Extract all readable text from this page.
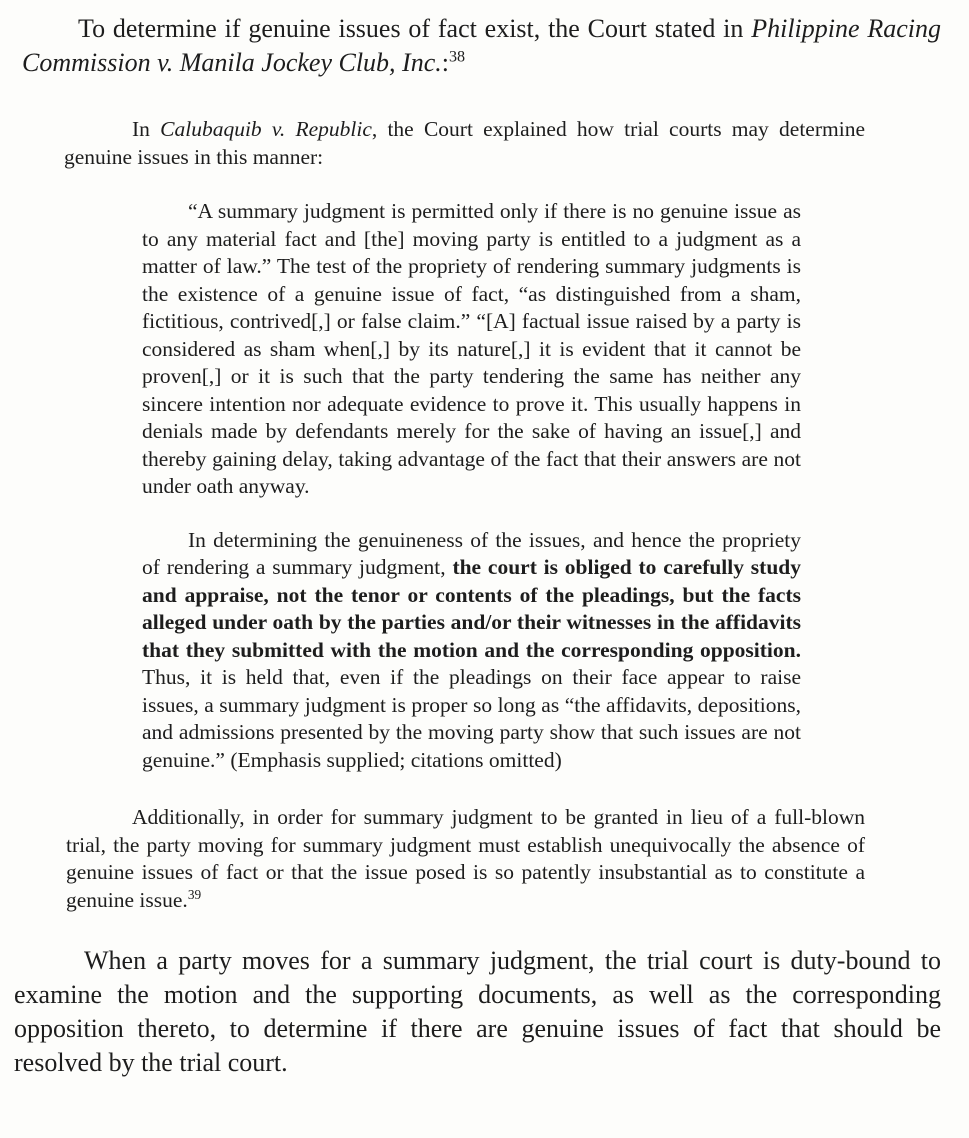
To determine if genuine issues of fact exist, the Court stated in Philippine Racing Commission v. Manila Jockey Club, Inc.:$^{38}$

In Calubaquib v. Republic, the Court explained how trial courts may determine genuine issues in this manner:

“A summary judgment is permitted only if there is no genuine issue as to any material fact and [the] moving party is entitled to a judgment as a matter of law.” The test of the propriety of rendering summary judgments is the existence of a genuine issue of fact, “as distinguished from a sham, fictitious, contrived[,] or false claim.” “[A] factual issue raised by a party is considered as sham when[,] by its nature[,] it is evident that it cannot be proven[,] or it is such that the party tendering the same has neither any sincere intention nor adequate evidence to prove it. This usually happens in denials made by defendants merely for the sake of having an issue[,] and thereby gaining delay, taking advantage of the fact that their answers are not under oath anyway.

In determining the genuineness of the issues, and hence the propriety of rendering a summary judgment, the court is obliged to carefully study and appraise, not the tenor or contents of the pleadings, but the facts alleged under oath by the parties and/or their witnesses in the affidavits that they submitted with the motion and the corresponding opposition. Thus, it is held that, even if the pleadings on their face appear to raise issues, a summary judgment is proper so long as “the affidavits, depositions, and admissions presented by the moving party show that such issues are not genuine.” (Emphasis supplied; citations omitted)

Additionally, in order for summary judgment to be granted in lieu of a full-blown trial, the party moving for summary judgment must establish unequivocally the absence of genuine issues of fact or that the issue posed is so patently insubstantial as to constitute a genuine issue.$^{39}$

When a party moves for a summary judgment, the trial court is duty-bound to examine the motion and the supporting documents, as well as the corresponding opposition thereto, to determine if there are genuine issues of fact that should be resolved by the trial court.
